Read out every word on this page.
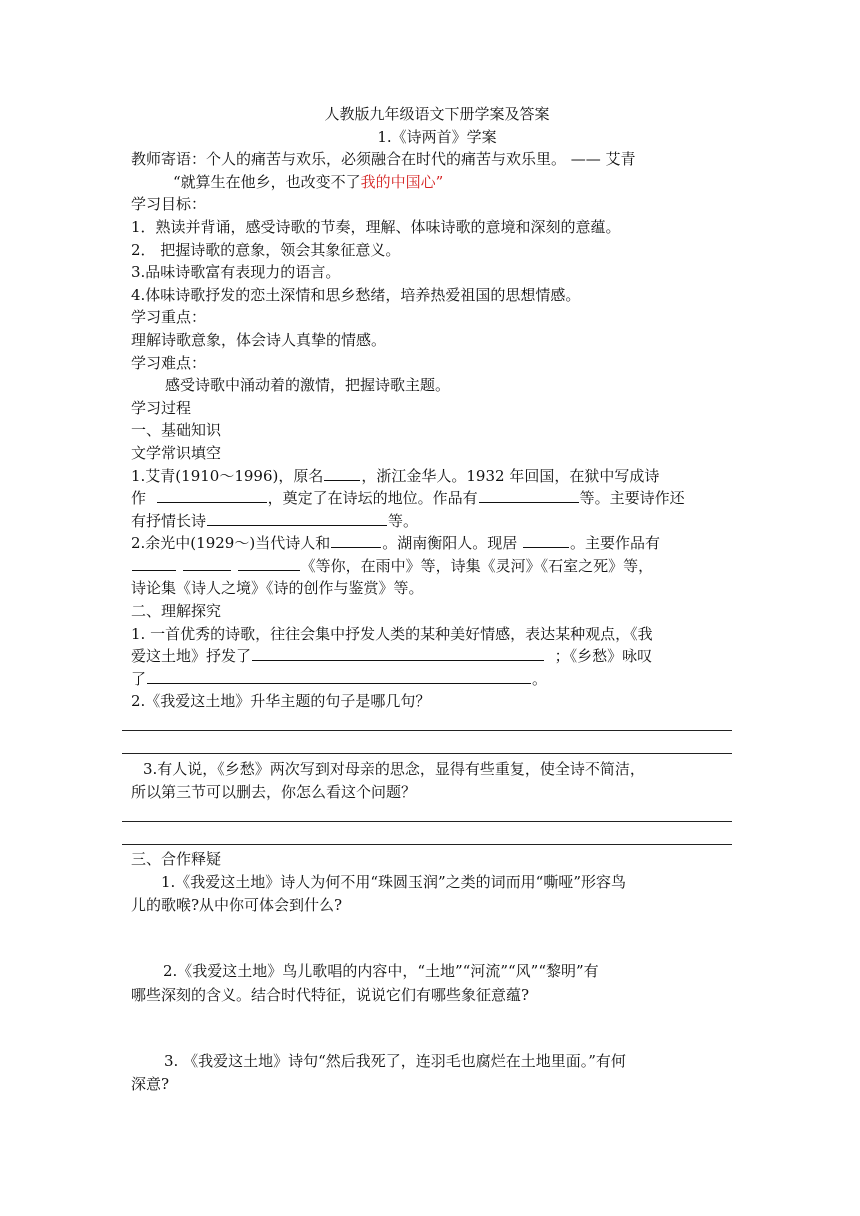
人教版九年级语文下册学案及答案
1.《诗两首》学案
教师寄语：个人的痛苦与欢乐，必须融合在时代的痛苦与欢乐里。 —— 艾青
“就算生在他乡，也改变不了我的中国心”
学习目标：
1．熟读并背诵，感受诗歌的节奏，理解、体味诗歌的意境和深刻的意蕴。
2． 把握诗歌的意象，领会其象征意义。
3.品味诗歌富有表现力的语言。
4.体味诗歌抒发的恋土深情和思乡愁绪，培养热爱祖国的思想情感。
学习重点：
理解诗歌意象，体会诗人真挚的情感。
学习难点：
感受诗歌中涌动着的激情，把握诗歌主题。
学习过程
一、基础知识
文学常识填空
1.艾青(1910～1996)，原名	，浙江金华人。1932 年回国，在狱中写成诗
作	，奠定了在诗坛的地位。作品有	等。主要诗作还
有抒情长诗	等。
2.余光中(1929～)当代诗人和	。湖南衡阳人。现居	。主要作品有
《等你，在雨中》等，诗集《灵河》《石室之死》等，
诗论集《诗人之境》《诗的创作与鉴赏》等。
二、理解探究
1. 一首优秀的诗歌，往往会集中抒发人类的某种美好情感，表达某种观点，《我
爱这土地》抒发了	；《乡愁》咏叹
了	。
2.《我爱这土地》升华主题的句子是哪几句？
3.有人说，《乡愁》两次写到对母亲的思念，显得有些重复，使全诗不简洁，
所以第三节可以删去，你怎么看这个问题？
三、合作释疑
1.《我爱这土地》诗人为何不用“珠圆玉润”之类的词而用“嘶哑”形容鸟
儿的歌喉?从中你可体会到什么?
2.《我爱这土地》鸟儿歌唱的内容中，“土地”“河流”“风”“黎明”有
哪些深刻的含义。结合时代特征，说说它们有哪些象征意蕴?
3. 《我爱这土地》诗句“然后我死了，连羽毛也腐烂在土地里面。”有何
深意?
